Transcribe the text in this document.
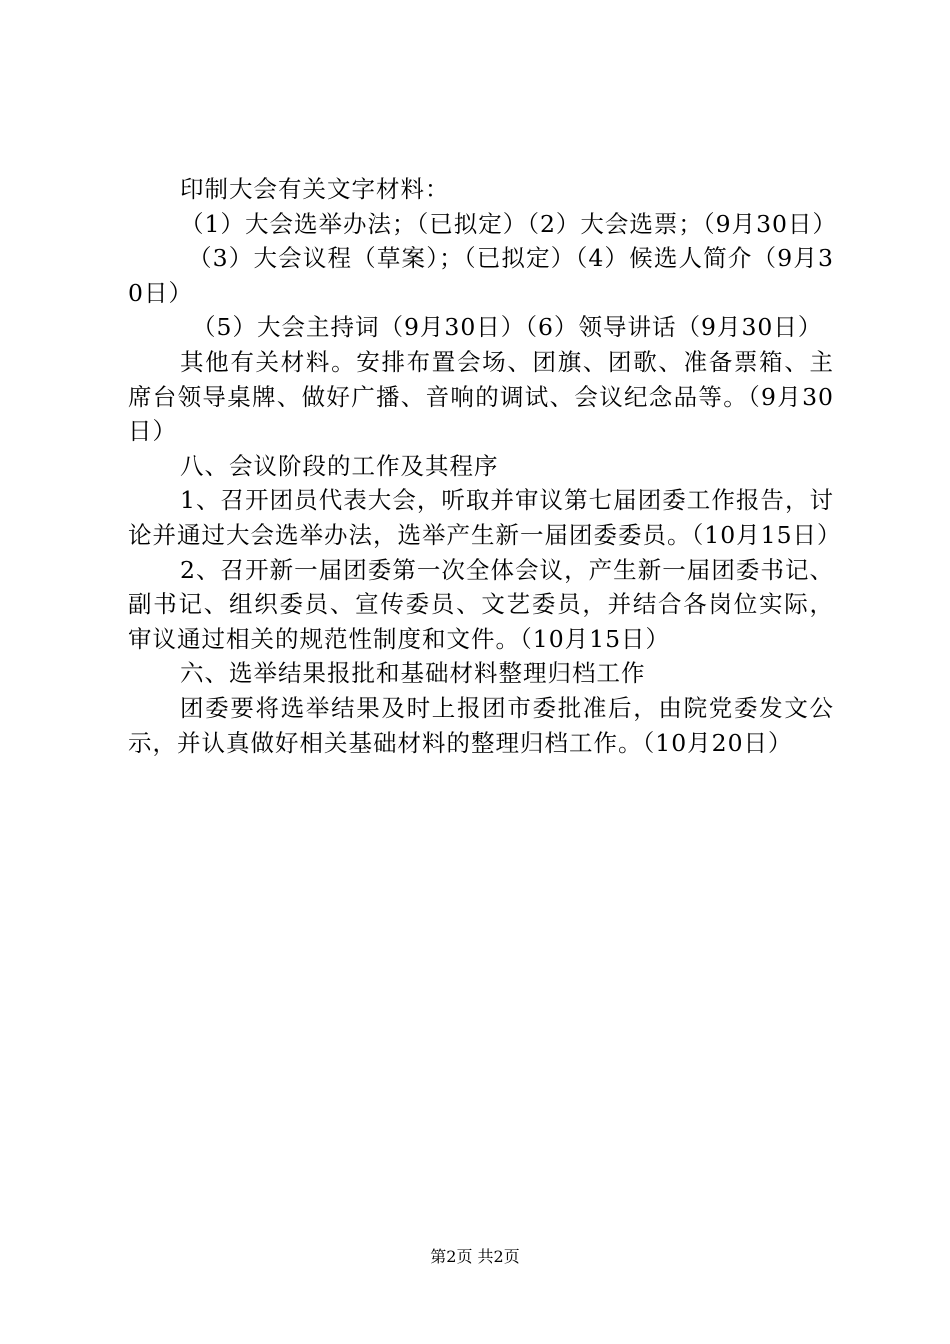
印制大会有关文字材料：

（1）大会选举办法；（已拟定）（2）大会选票；（9月30日）

（3）大会议程（草案）；（已拟定）（4）候选人简介（9月30日）

（5）大会主持词（9月30日）（6）领导讲话（9月30日）

其他有关材料。安排布置会场、团旗、团歌、准备票箱、主席台领导桌牌、做好广播、音响的调试、会议纪念品等。（9月30日）

八、会议阶段的工作及其程序

1、召开团员代表大会，听取并审议第七届团委工作报告，讨论并通过大会选举办法，选举产生新一届团委委员。（10月15日）

2、召开新一届团委第一次全体会议，产生新一届团委书记、副书记、组织委员、宣传委员、文艺委员，并结合各岗位实际，审议通过相关的规范性制度和文件。（10月15日）

六、选举结果报批和基础材料整理归档工作

团委要将选举结果及时上报团市委批准后，由院党委发文公示，并认真做好相关基础材料的整理归档工作。（10月20日）

第2页 共2页
